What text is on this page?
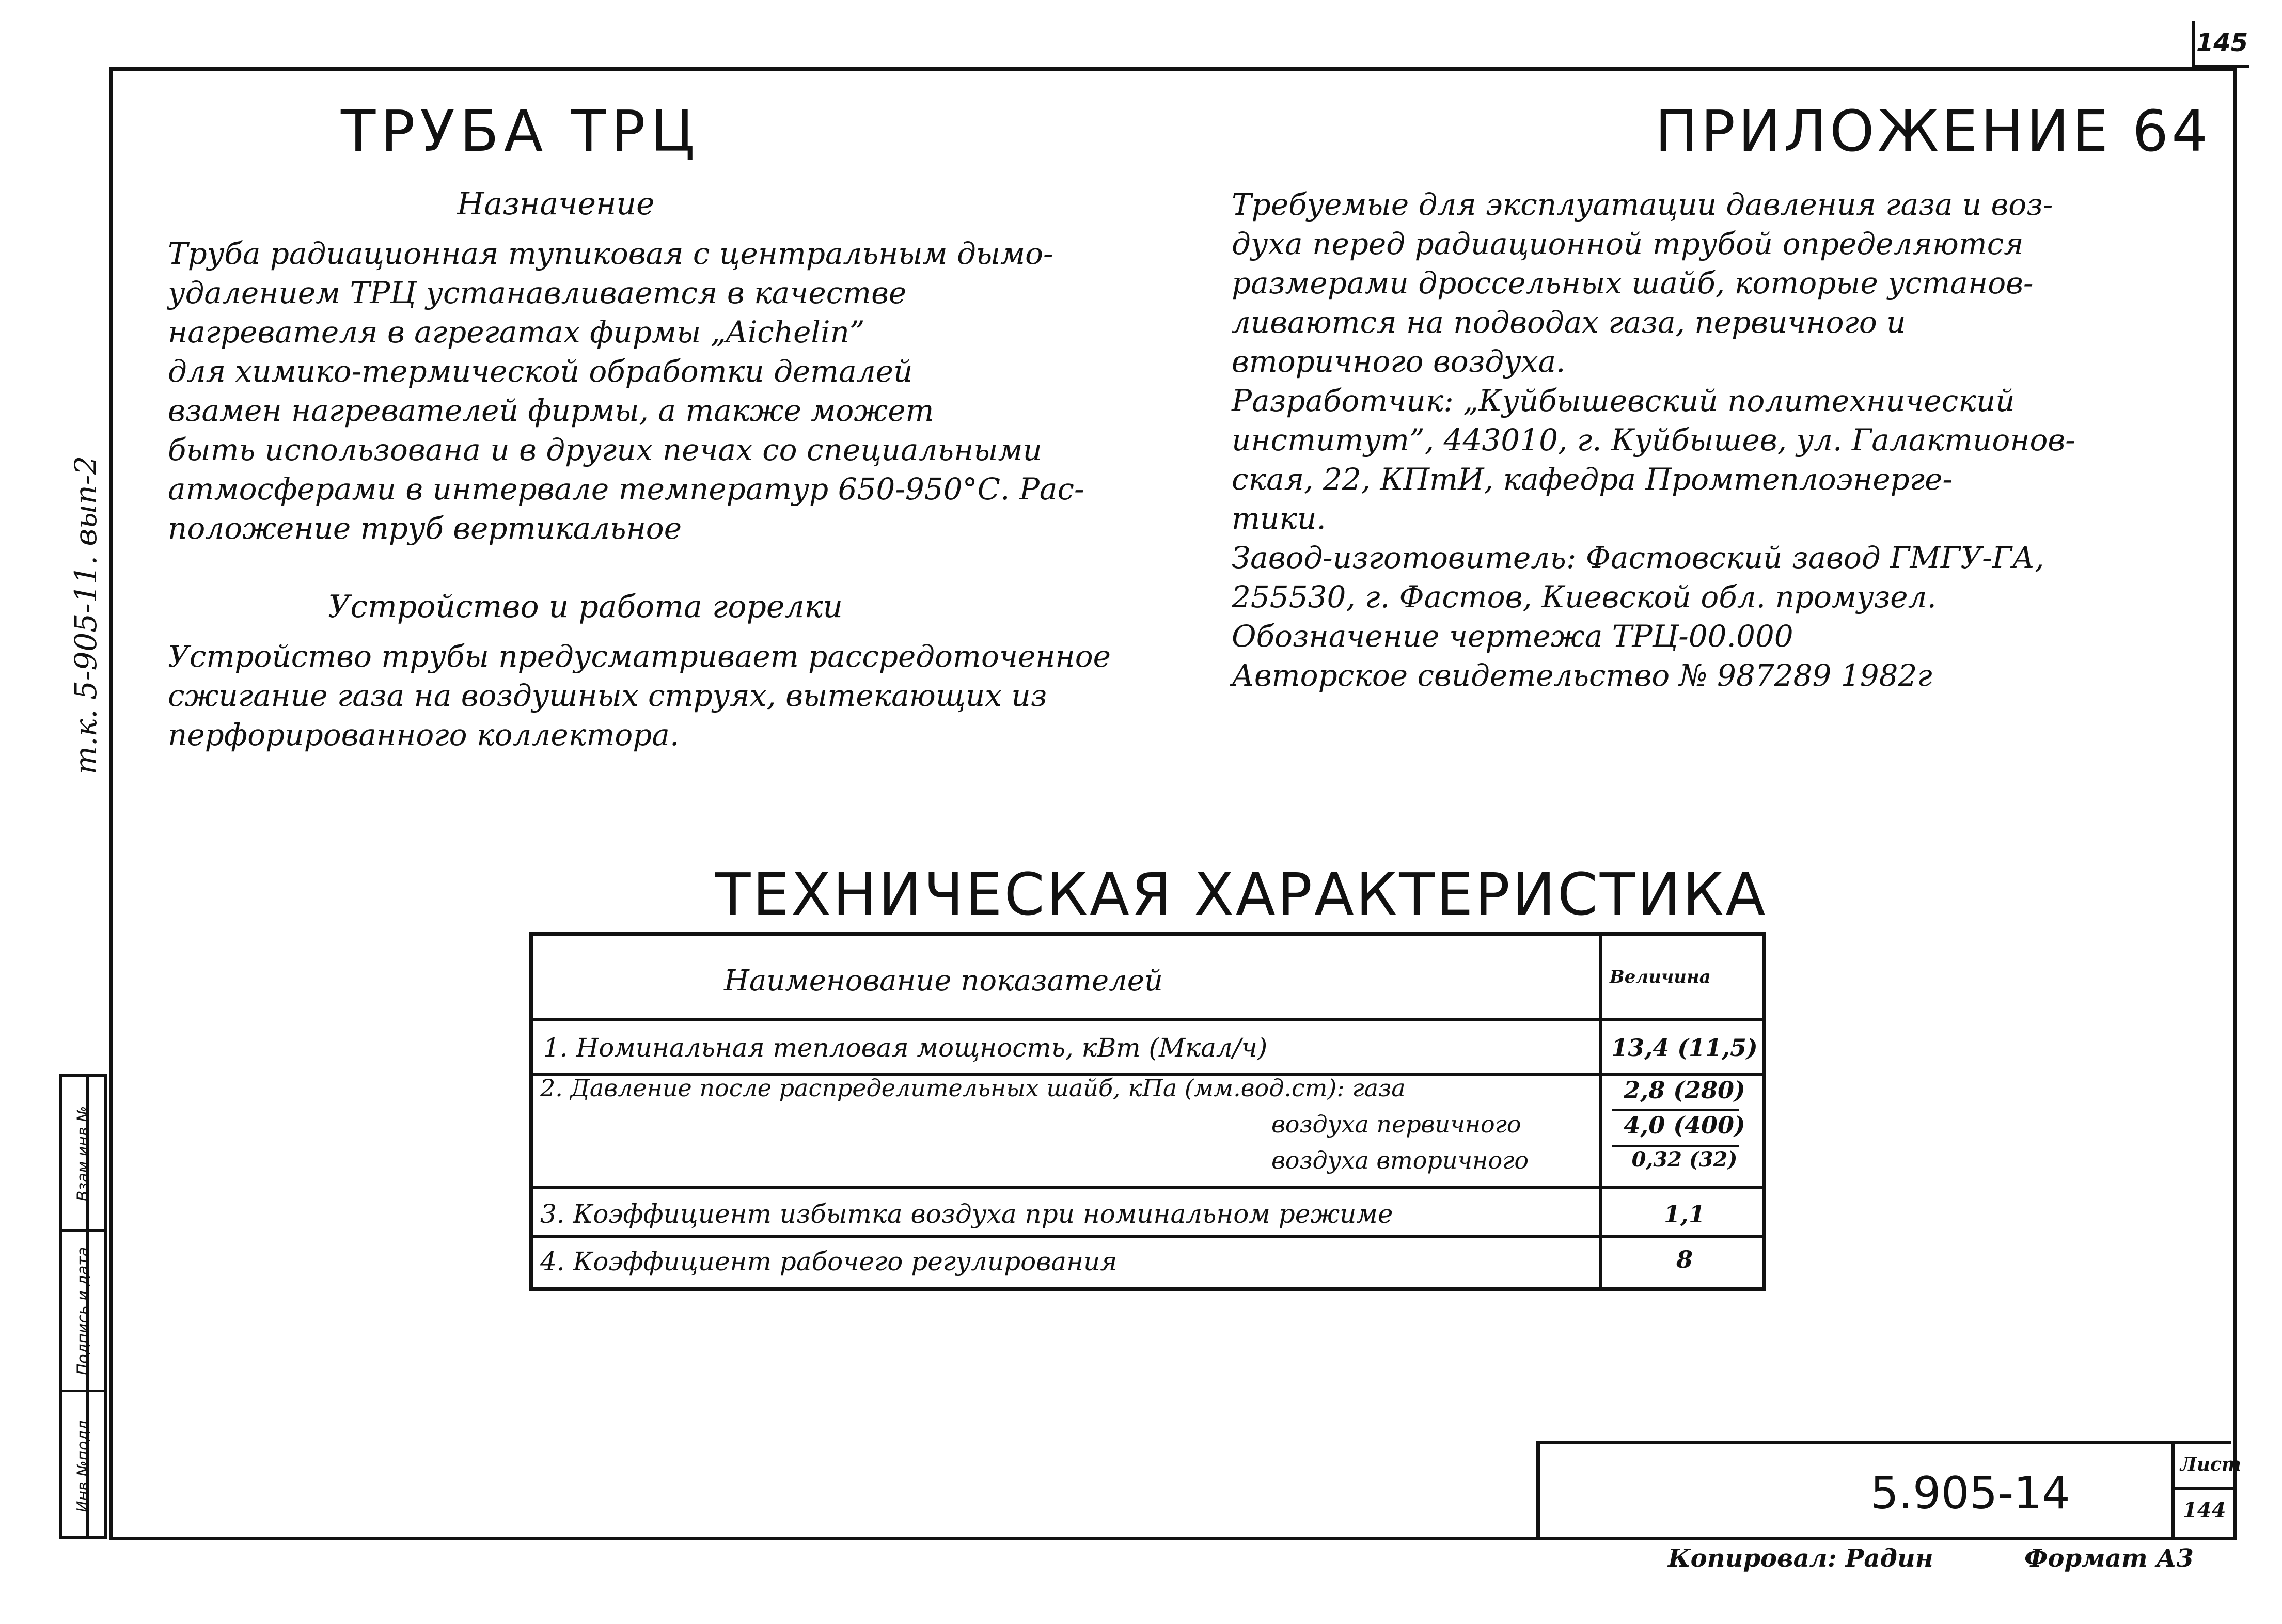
145
т.к. 5-905-11. вып-2
Взам.инв.№
Подпись и дата
Инв.№подл.
ТРУБА ТРЦ	ПРИЛОЖЕНИЕ 64
Назначение
Труба радиационная тупиковая с центральным дымо-
удалением ТРЦ устанавливается в качестве
нагревателя в агрегатах фирмы „Aichelin”
для химико-термической обработки деталей
взамен нагревателей фирмы, а также может
быть использована и в других печах со специальными
атмосферами в интервале температур 650-950°С. Рас-
положение труб вертикальное
Устройство и работа горелки
Устройство трубы предусматривает рассредоточенное
сжигание газа на воздушных струях, вытекающих из
перфорированного коллектора.
Требуемые для эксплуатации давления газа и воз-
духа перед радиационной трубой определяются
размерами дроссельных шайб, которые установ-
ливаются на подводах газа, первичного и
вторичного воздуха.
Разработчик: „Куйбышевский политехнический
институт”, 443010, г. Куйбышев, ул. Галактионов-
ская, 22, КПтИ, кафедра Промтеплоэнерге-
тики.
Завод-изготовитель: Фастовский завод ГМГУ-ГА,
255530, г. Фастов, Киевской обл. промузел.
Обозначение чертежа ТРЦ-00.000
Авторское свидетельство № 987289 1982г
ТЕХНИЧЕСКАЯ ХАРАКТЕРИСТИКА
Наименование показателей	Величина
1. Номинальная тепловая мощность, кВт (Мкал/ч)	13,4 (11,5)
2. Давление после распределительных шайб, кПа (мм.вод.ст): газа	2,8 (280)
воздуха первичного	4,0 (400)
воздуха вторичного	0,32 (32)
3. Коэффициент избытка воздуха при номинальном режиме	1,1
4. Коэффициент рабочего регулирования	8
5.905-14
Лист
144
Копировал: Радин	Формат А3
